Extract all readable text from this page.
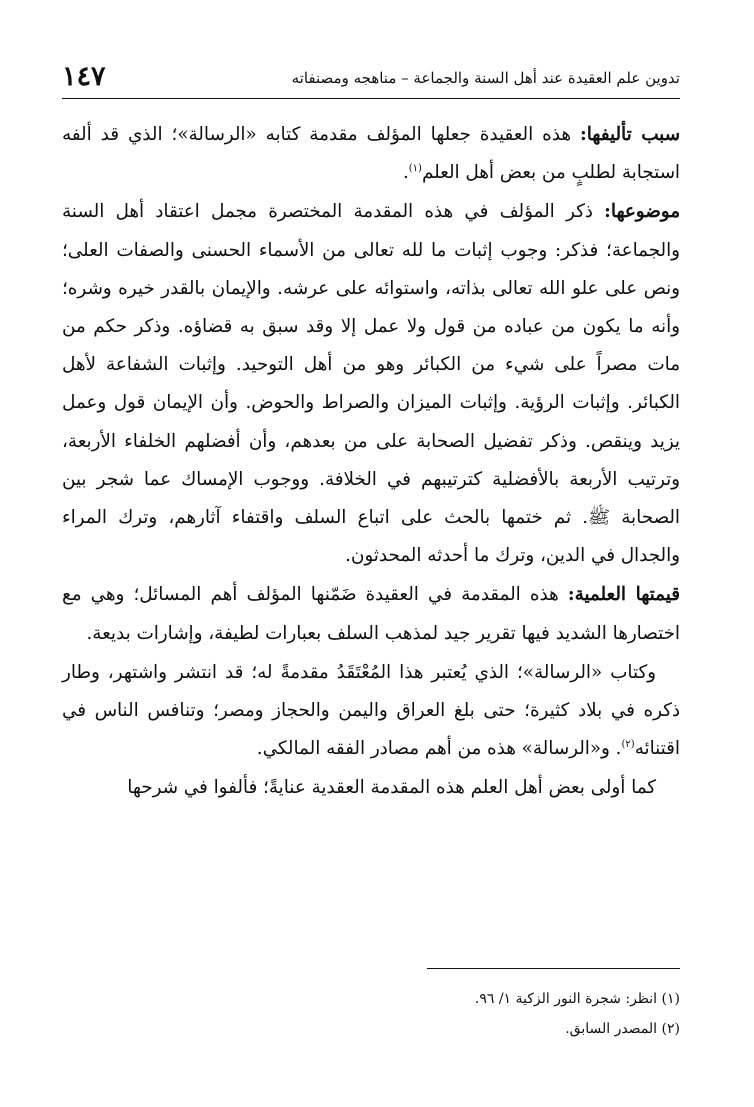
تدوين علم العقيدة عند أهل السنة والجماعة – مناهجه ومصنفاته
١٤٧

سبب تأليفها: هذه العقيدة جعلها المؤلف مقدمة كتابه «الرسالة»؛ الذي قد ألفه استجابة لطلبٍ من بعض أهل العلم$^{(١)}$.

موضوعها: ذكر المؤلف في هذه المقدمة المختصرة مجمل اعتقاد أهل السنة والجماعة؛ فذكر: وجوب إثبات ما لله تعالى من الأسماء الحسنى والصفات العلى؛ ونص على علو الله تعالى بذاته، واستوائه على عرشه. والإيمان بالقدر خيره وشره؛ وأنه ما يكون من عباده من قول ولا عمل إلا وقد سبق به قضاؤه. وذكر حكم من مات مصراً على شيء من الكبائر وهو من أهل التوحيد. وإثبات الشفاعة لأهل الكبائر. وإثبات الرؤية. وإثبات الميزان والصراط والحوض. وأن الإيمان قول وعمل يزيد وينقص. وذكر تفضيل الصحابة على من بعدهم، وأن أفضلهم الخلفاء الأربعة، وترتيب الأربعة بالأفضلية كترتيبهم في الخلافة. ووجوب الإمساك عما شجر بين الصحابة ﷺ. ثم ختمها بالحث على اتباع السلف واقتفاء آثارهم، وترك المراء والجدال في الدين، وترك ما أحدثه المحدثون.

قيمتها العلمية: هذه المقدمة في العقيدة ضَمّنها المؤلف أهم المسائل؛ وهي مع اختصارها الشديد فيها تقرير جيد لمذهب السلف بعبارات لطيفة، وإشارات بديعة.

وكتاب «الرسالة»؛ الذي يُعتبر هذا المُعْتَقَدُ مقدمةً له؛ قد انتشر واشتهر، وطار ذكره في بلاد كثيرة؛ حتى بلغ العراق واليمن والحجاز ومصر؛ وتنافس الناس في اقتنائه$^{(٢)}$. و«الرسالة» هذه من أهم مصادر الفقه المالكي.

كما أولى بعض أهل العلم هذه المقدمة العقدية عنايةً؛ فألفوا في شرحها

(١) انظر: شجرة النور الزكية ١/ ٩٦.

(٢) المصدر السابق.
